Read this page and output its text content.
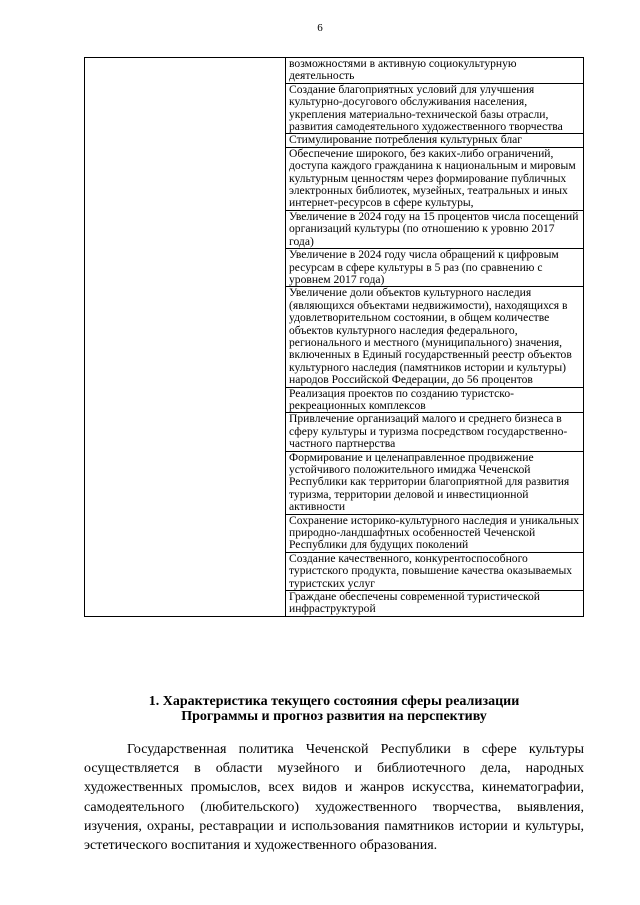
6
	возможностями в активную социокультурную деятельность
Создание благоприятных условий для улучшения культурно-досугового обслуживания населения, укрепления материально-технической базы отрасли, развития самодеятельного художественного творчества
Стимулирование потребления культурных благ
Обеспечение широкого, без каких-либо ограничений, доступа каждого гражданина к национальным и мировым культурным ценностям через формирование публичных электронных библиотек, музейных, театральных и иных интернет-ресурсов в сфере культуры,
Увеличение в 2024 году на 15 процентов числа посещений организаций культуры (по отношению к уровню 2017 года)
Увеличение в 2024 году числа обращений к цифровым ресурсам в сфере культуры в 5 раз (по сравнению с уровнем 2017 года)
Увеличение доли объектов культурного наследия (являющихся объектами недвижимости), находящихся в удовлетворительном состоянии, в общем количестве объектов культурного наследия федерального, регионального и местного (муниципального) значения, включенных в Единый государственный реестр объектов культурного наследия (памятников истории и культуры) народов Российской Федерации, до 56 процентов
Реализация проектов по созданию туристско-рекреационных комплексов
Привлечение организаций малого и среднего бизнеса в сферу культуры и туризма посредством государственно-частного партнерства
Формирование и целенаправленное продвижение устойчивого положительного имиджа Чеченской Республики как территории благоприятной для развития туризма, территории деловой и инвестиционной активности
Сохранение историко-культурного наследия и уникальных природно-ландшафтных особенностей Чеченской Республики для будущих поколений
Создание качественного, конкурентоспособного туристского продукта, повышение качества оказываемых туристских услуг
Граждане обеспечены современной туристической инфраструктурой
1. Характеристика текущего состояния сферы реализации
Программы и прогноз развития на перспективу

Государственная политика Чеченской Республики в сфере культуры осуществляется в области музейного и библиотечного дела, народных художественных промыслов, всех видов и жанров искусства, кинематографии, самодеятельного (любительского) художественного творчества, выявления, изучения, охраны, реставрации и использования памятников истории и культуры, эстетического воспитания и художественного образования.
